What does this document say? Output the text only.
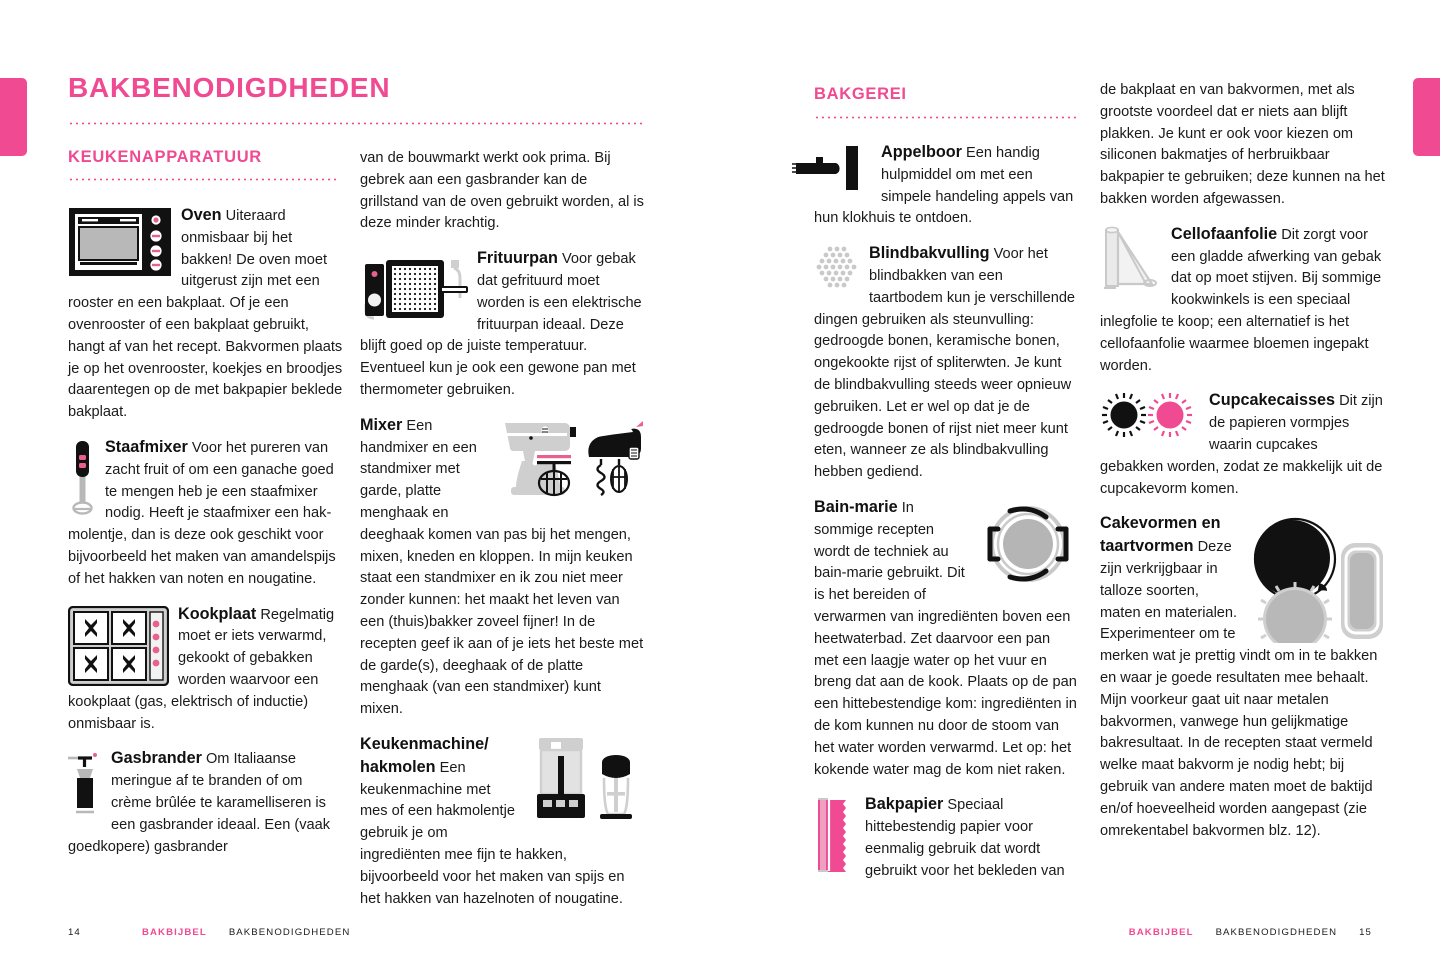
BAKBENODIGDHEDEN
KEUKENAPPARATUUR
Oven Uiteraard onmisbaar bij het bakken! De oven moet uitgerust zijn met een rooster en een bakplaat. Of je een ovenrooster of een bakplaat gebruikt, hangt af van het recept. Bakvormen plaats je op het ovenrooster, koekjes en broodjes daarentegen op de met bakpapier beklede bakplaat.
Staafmixer Voor het pureren van zacht fruit of om een ganache goed te mengen heb je een staafmixer nodig. Heeft je staafmixer een hak-molentje, dan is deze ook geschikt voor bijvoorbeeld het maken van amandelspijs of het hakken van noten en nougatine.
Kookplaat Regelmatig moet er iets verwarmd, gekookt of gebakken worden waarvoor een kookplaat (gas, elektrisch of inductie) onmisbaar is.
Gasbrander Om Italiaanse meringue af te branden of om crème brûlée te karamelliseren is een gasbrander ideaal. Een (vaak goedkopere) gasbrander

van de bouwmarkt werkt ook prima. Bij gebrek aan een gasbrander kan de grillstand van de oven gebruikt worden, al is deze minder krachtig.

Frituurpan Voor gebak dat gefrituurd moet worden is een elektrische frituurpan ideaal. Deze blijft goed op de juiste temperatuur. Eventueel kun je ook een gewone pan met thermometer gebruiken.
Mixer Een handmixer en een standmixer met garde, platte menghaak en deeghaak komen van pas bij het mengen, mixen, kneden en kloppen. In mijn keuken staat een standmixer en ik zou niet meer zonder kunnen: het maakt het leven van een (thuis)bakker zoveel fijner! In de recepten geef ik aan of je iets het beste met de garde(s), deeghaak of de platte menghaak (van een standmixer) kunt mixen.
Keukenmachine/ hakmolen Een keukenmachine met mes of een hakmolentje gebruik je om ingrediënten mee fijn te hakken, bijvoorbeeld voor het maken van spijs en het hakken van hazelnoten of nougatine.
14	BAKBIJBEL BAKBENODIGDHEDEN
BAKGEREI
Appelboor Een handig hulpmiddel om met een simpele handeling appels van hun klokhuis te ontdoen.
Blindbakvulling Voor het blindbakken van een taartbodem kun je verschillende dingen gebruiken als steunvulling: gedroogde bonen, keramische bonen, ongekookte rijst of spliterwten. Je kunt de blindbakvulling steeds weer opnieuw gebruiken. Let er wel op dat je de gedroogde bonen of rijst niet meer kunt eten, wanneer ze als blindbakvulling hebben gediend.
Bain-marie In sommige recepten wordt de techniek au bain-marie gebruikt. Dit is het bereiden of verwarmen van ingrediënten boven een heetwaterbad. Zet daarvoor een pan met een laagje water op het vuur en breng dat aan de kook. Plaats op de pan een hittebestendige kom: ingrediënten in de kom kunnen nu door de stoom van het water worden verwarmd. Let op: het kokende water mag de kom niet raken.
Bakpapier Speciaal hittebestendig papier voor eenmalig gebruik dat wordt gebruikt voor het bekleden van

de bakplaat en van bakvormen, met als grootste voordeel dat er niets aan blijft plakken. Je kunt er ook voor kiezen om siliconen bakmatjes of herbruikbaar bakpapier te gebruiken; deze kunnen na het bakken worden afgewassen.

Cellofaanfolie Dit zorgt voor een gladde afwerking van gebak dat op moet stijven. Bij sommige kookwinkels is een speciaal inlegfolie te koop; een alternatief is het cellofaanfolie waarmee bloemen ingepakt worden.
Cupcakecaisses Dit zijn de papieren vormpjes waarin cupcakes gebakken worden, zodat ze makkelijk uit de cupcakevorm komen.
Cakevormen en taartvormen Deze zijn verkrijgbaar in talloze soorten, maten en materialen. Experimenteer om te merken wat je prettig vindt om in te bakken en waar je goede resultaten mee behaalt. Mijn voorkeur gaat uit naar metalen bakvormen, vanwege hun gelijkmatige bakresultaat. In de recepten staat vermeld welke maat bakvorm je nodig hebt; bij gebruik van andere maten moet de baktijd en/of hoeveelheid worden aangepast (zie omrekentabel bakvormen blz. 12).
BAKBIJBEL BAKBENODIGDHEDEN 15
